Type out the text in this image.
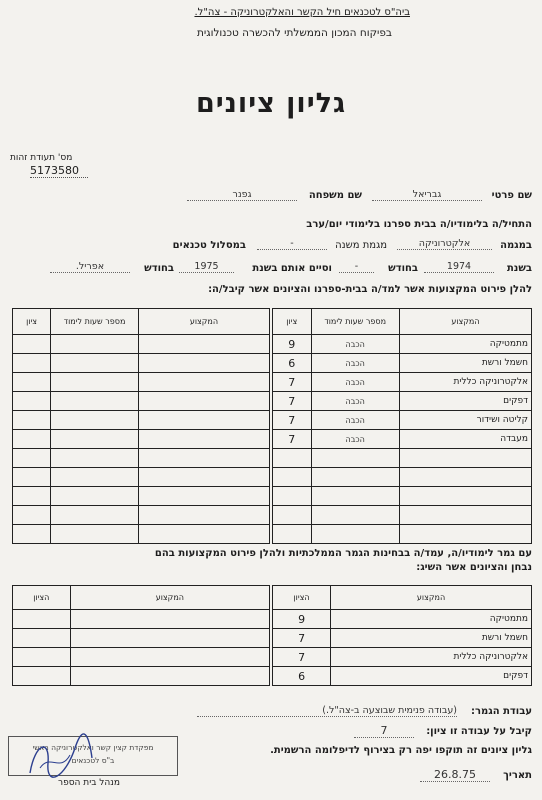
ביה"ס לטכנאים חיל הקשר והאלקטרוניקה - צה"ל.
בפיקוח המכון הממשלתי להכשרה טכנולוגית
גליון ציונים
מס' תעודת זהות
5173580
שם פרטי
גבריאל
שם משפחה
גפנר
התחיל/ה בלימודיו/ה בבית ספרנו בלימודי יום/ערב
במגמה
אלקטרוניקה
מגמת משנה
-
במסלול טכנאים
בשנת
1974
בחודש
-
וסיים אותם בשנת
1975
בחודש
אפריל.
להלן פירוט המקצועות אשר למד/ה בבית-ספרנו והציונים אשר קיבל/ה:
המקצוע	מספר שעות לימוד	ציון
מתמטיקה	הכבה	9
חשמל ורשת	הכבה	6
אלקטרוניקה כללית	הכבה	7
דפקים	הכבה	7
קליטה ושידור	הכבה	7
מעבדה	הכבה	7

המקצוע	מספר שעות לימוד	ציון

עם גמר לימודיו/ה, עמד/ה בבחינות הגמר הממלכתיות ולהלן פירוט המקצועות בהם
נבחן והציונים אשר השיג:
המקצוע	הציון
מתמטיקה	9
חשמל ורשת	7
אלקטרוניקה כללית	7
דפקים	6
המקצוע	הציון

עבודת הגמר:
(עבודה פנימית שבוצעה ב-צה"ל.)
קיבל על עבודה זו ציון:
7
גליון ציונים זה תוקפו יפה רק בצירוף לדיפלומה הרשמית.
תאריך
26.8.75
מפקדת קצין קשר ואלקטרוניקה ראשי
ב"ס לטכנאים
מנהל בית הספר
